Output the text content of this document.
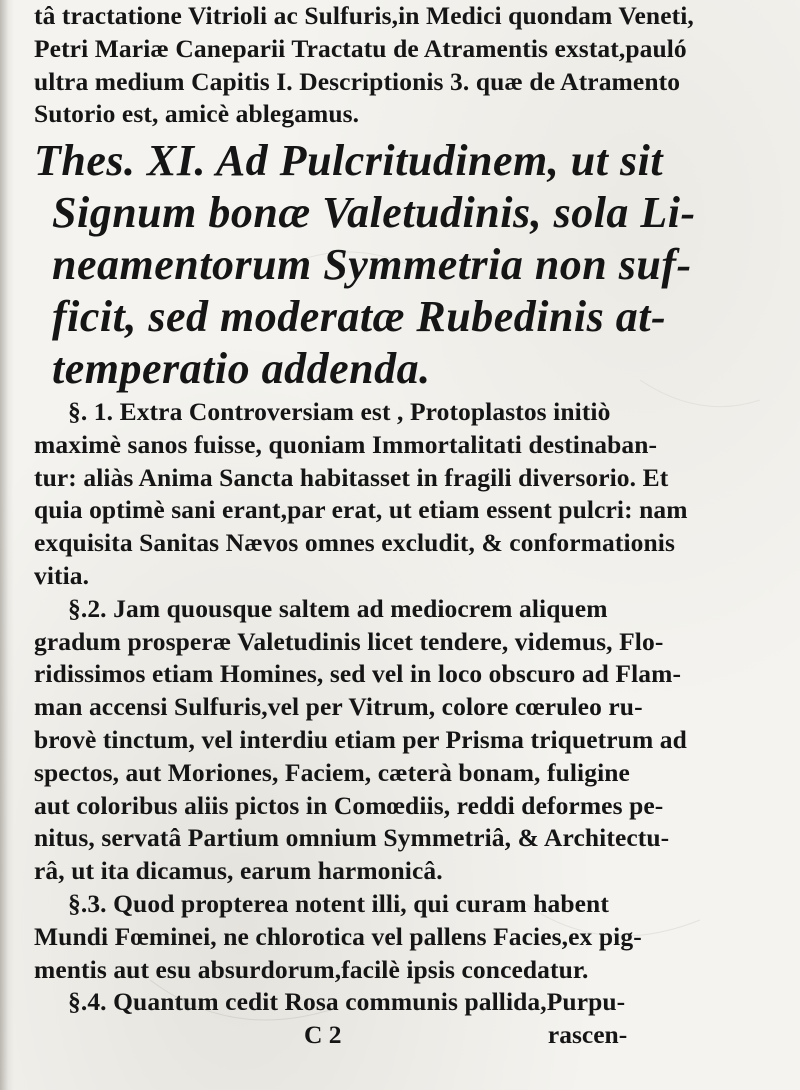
tâ tractatione Vitrioli ac Sulfuris,in Medici quondam Veneti,
Petri Mariæ Caneparii Tractatu de Atramentis exstat,pauló
ultra medium Capitis I. Descriptionis 3. quæ de Atramento
Sutorio est, amicè ablegamus.
Thes. XI. Ad Pulcritudinem, ut sit
Signum bonæ Valetudinis, sola Li-
neamentorum Symmetria non suf-
ficit, sed moderatæ Rubedinis at-
temperatio addenda.
§. 1. Extra Controversiam est , Protoplastos initiò
maximè sanos fuisse, quoniam Immortalitati destinaban-
tur: aliàs Anima Sancta habitasset in fragili diversorio. Et
quia optimè sani erant,par erat, ut etiam essent pulcri: nam
exquisita Sanitas Nævos omnes excludit, & conformationis
vitia.
§.2. Jam quousque saltem ad mediocrem aliquem
gradum prosperæ Valetudinis licet tendere, videmus, Flo-
ridissimos etiam Homines, sed vel in loco obscuro ad Flam-
man accensi Sulfuris,vel per Vitrum, colore cœruleo ru-
brovè tinctum, vel interdiu etiam per Prisma triquetrum ad
spectos, aut Moriones, Faciem, cæterà bonam, fuligine
aut coloribus aliis pictos in Comœdiis, reddi deformes pe-
nitus, servatâ Partium omnium Symmetriâ, & Architectu-
râ, ut ita dicamus, earum harmonicâ.
§.3. Quod propterea notent illi, qui curam habent
Mundi Fœminei, ne chlorotica vel pallens Facies,ex pig-
mentis aut esu absurdorum,facilè ipsis concedatur.
§.4. Quantum cedit Rosa communis pallida,Purpu-
C 2	rascen-
